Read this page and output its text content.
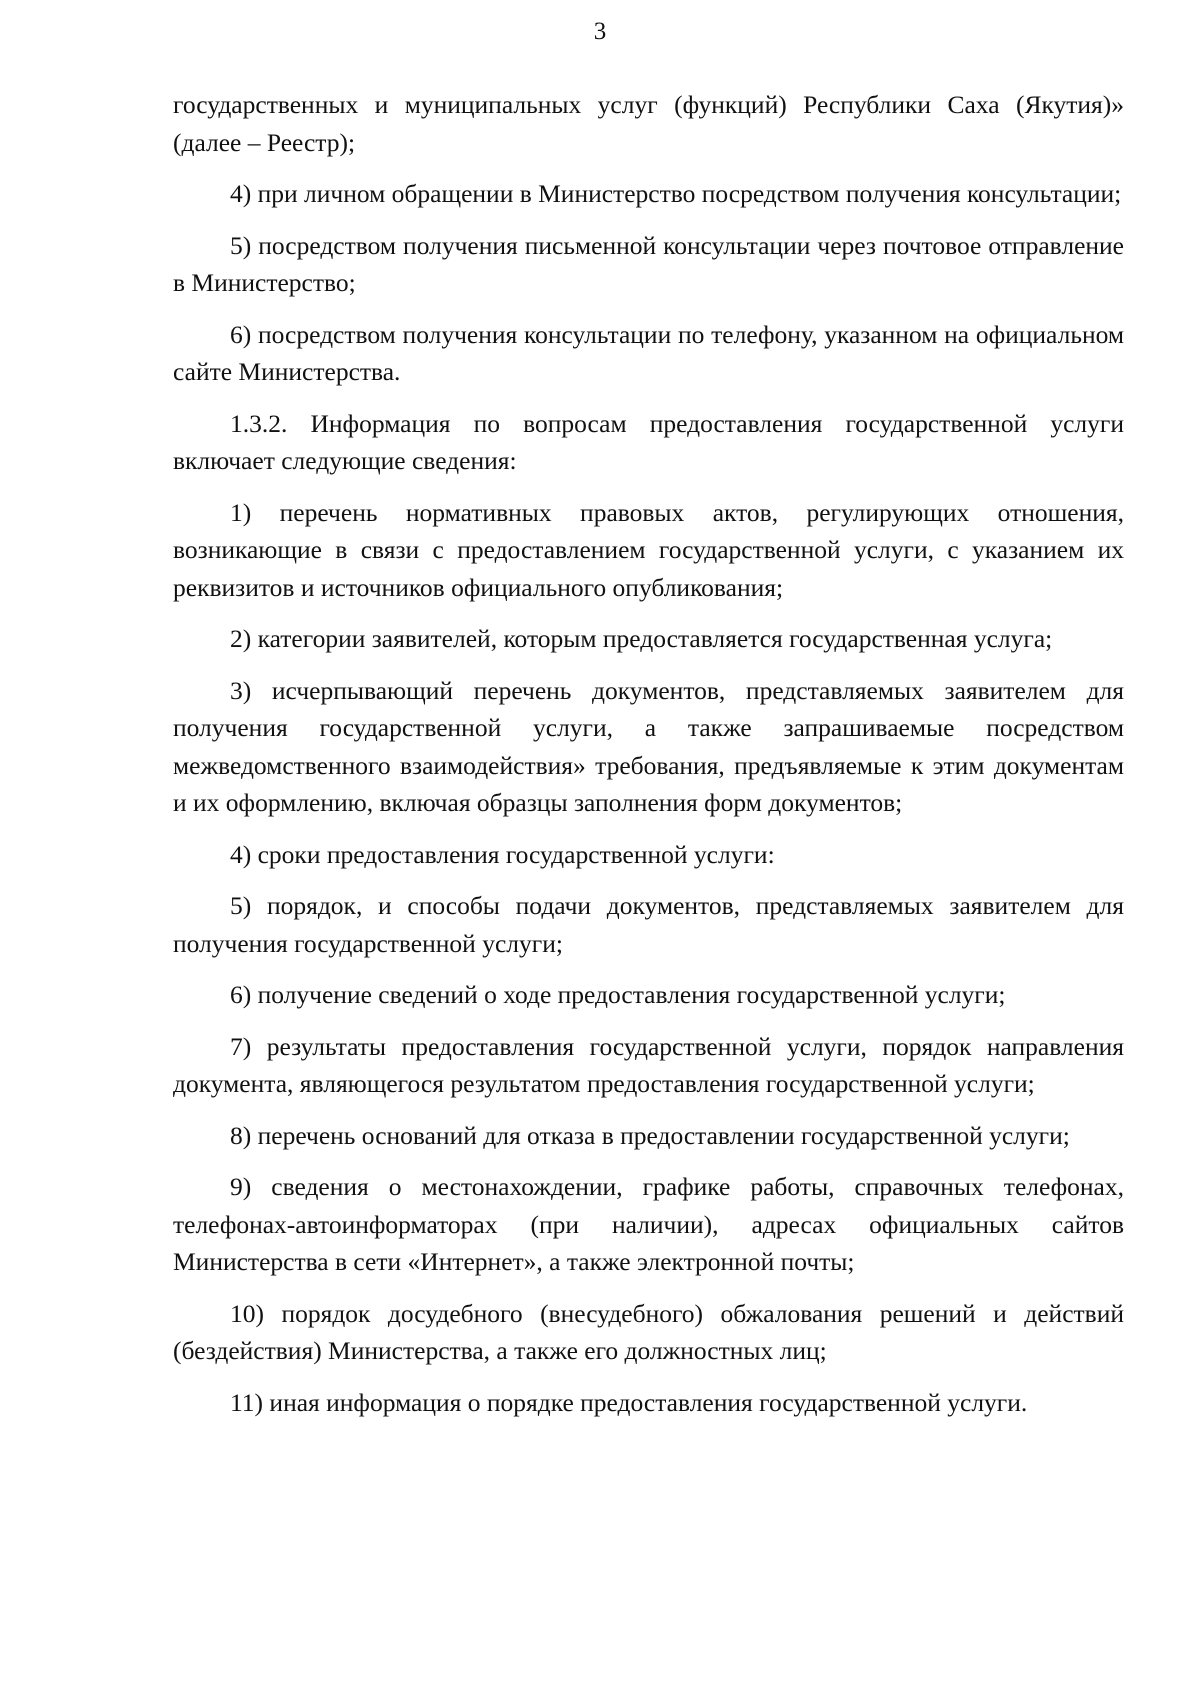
3

государственных и муниципальных услуг (функций) Республики Саха (Якутия)» (далее – Реестр);

4) при личном обращении в Министерство посредством получения консультации;

5) посредством получения письменной консультации через почтовое отправление в Министерство;

6) посредством получения консультации по телефону, указанном на официальном сайте Министерства.

1.3.2. Информация по вопросам предоставления государственной услуги включает следующие сведения:

1) перечень нормативных правовых актов, регулирующих отношения, возникающие в связи с предоставлением государственной услуги, с указанием их реквизитов и источников официального опубликования;

2) категории заявителей, которым предоставляется государственная услуга;

3) исчерпывающий перечень документов, представляемых заявителем для получения государственной услуги, а также запрашиваемые посредством межведомственного взаимодействия» требования, предъявляемые к этим документам и их оформлению, включая образцы заполнения форм документов;

4) сроки предоставления государственной услуги:

5) порядок, и способы подачи документов, представляемых заявителем для получения государственной услуги;

6) получение сведений о ходе предоставления государственной услуги;

7) результаты предоставления государственной услуги, порядок направления документа, являющегося результатом предоставления государственной услуги;

8) перечень оснований для отказа в предоставлении государственной услуги;

9) сведения о местонахождении, графике работы, справочных телефонах, телефонах-автоинформаторах (при наличии), адресах официальных сайтов Министерства в сети «Интернет», а также электронной почты;

10) порядок досудебного (внесудебного) обжалования решений и действий (бездействия) Министерства, а также его должностных лиц;

11) иная информация о порядке предоставления государственной услуги.
